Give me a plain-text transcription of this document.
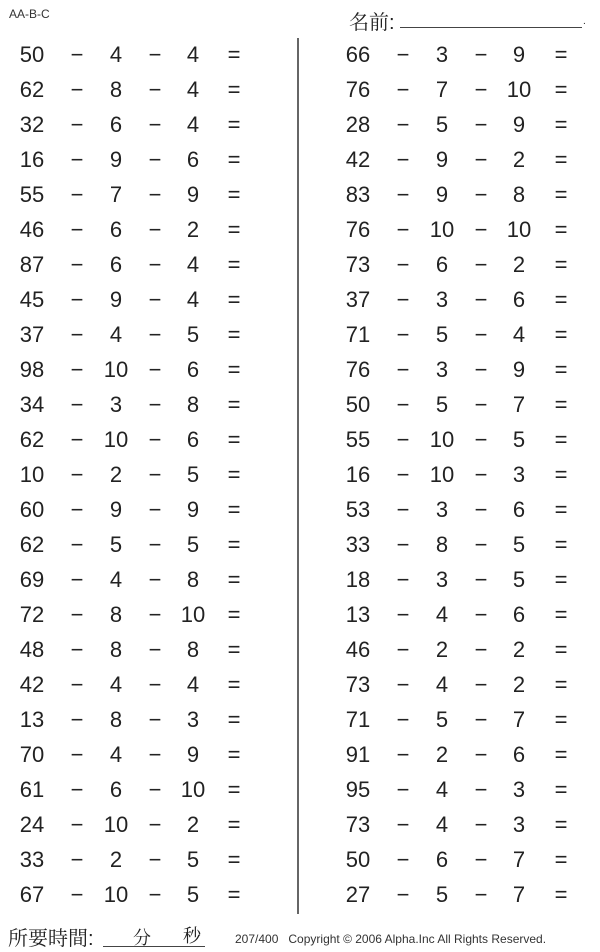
AA-B-C	名前:	.
50 − 4 − 4 =
62 − 8 − 4 =
32 − 6 − 4 =
16 − 9 − 6 =
55 − 7 − 9 =
46 − 6 − 2 =
87 − 6 − 4 =
45 − 9 − 4 =
37 − 4 − 5 =
98 − 10 − 6 =
34 − 3 − 8 =
62 − 10 − 6 =
10 − 2 − 5 =
60 − 9 − 9 =
62 − 5 − 5 =
69 − 4 − 8 =
72 − 8 − 10 =
48 − 8 − 8 =
42 − 4 − 4 =
13 − 8 − 3 =
70 − 4 − 9 =
61 − 6 − 10 =
24 − 10 − 2 =
33 − 2 − 5 =
67 − 10 − 5 =
66 − 3 − 9 =
76 − 7 − 10 =
28 − 5 − 9 =
42 − 9 − 2 =
83 − 9 − 8 =
76 − 10 − 10 =
73 − 6 − 2 =
37 − 3 − 6 =
71 − 5 − 4 =
76 − 3 − 9 =
50 − 5 − 7 =
55 − 10 − 5 =
16 − 10 − 3 =
53 − 3 − 6 =
33 − 8 − 5 =
18 − 3 − 5 =
13 − 4 − 6 =
46 − 2 − 2 =
73 − 4 − 2 =
71 − 5 − 7 =
91 − 2 − 6 =
95 − 4 − 3 =
73 − 4 − 3 =
50 − 6 − 7 =
27 − 5 − 7 =
所要時間: 分 秒	207/400 Copyright © 2006 Alpha.Inc All Rights Reserved.
